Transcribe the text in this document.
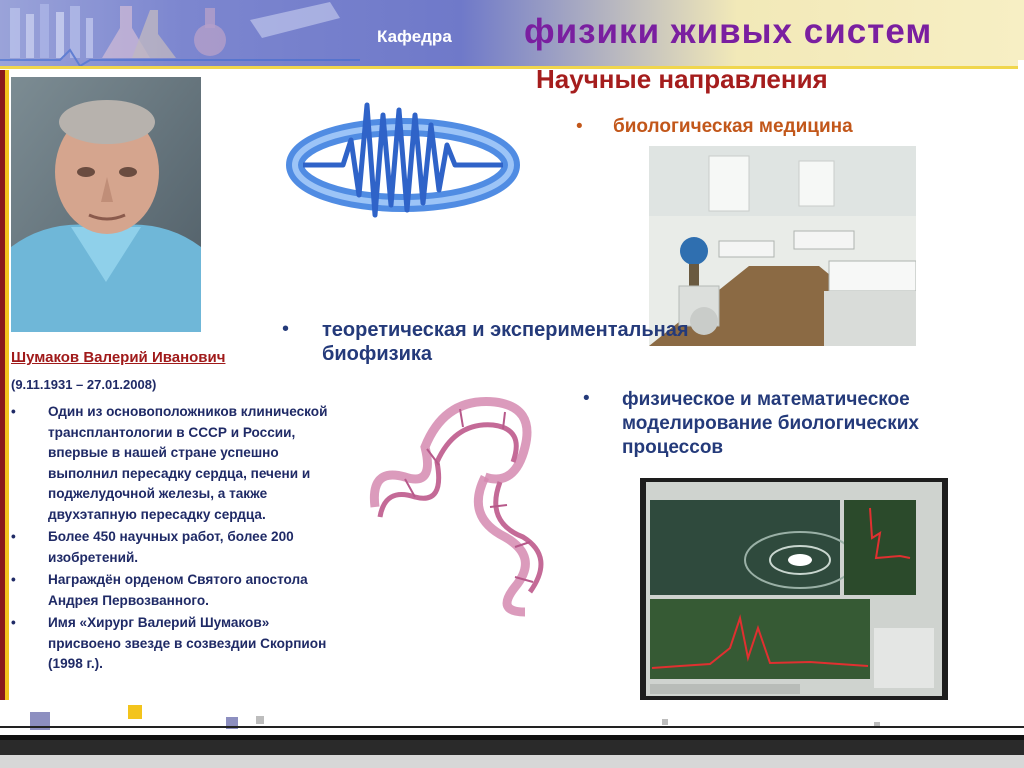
Кафедра физики живых систем
Научные направления
Шумаков Валерий Иванович
(9.11.1931 – 27.01.2008)
• Один из основоположников клинической трансплантологии в СССР и России, впервые в нашей стране успешно выполнил пересадку сердца, печени и поджелудочной железы, а также двухэтапную пересадку сердца.
• Более 450 научных работ, более 200 изобретений.
• Награждён орденом Святого апостола Андрея Первозванного.
• Имя «Хирург Валерий Шумаков» присвоено звезде в созвездии Скорпион (1998 г.).
• биологическая медицина
• теоретическая и экспериментальная биофизика
• физическое и математическое моделирование биологических процессов
